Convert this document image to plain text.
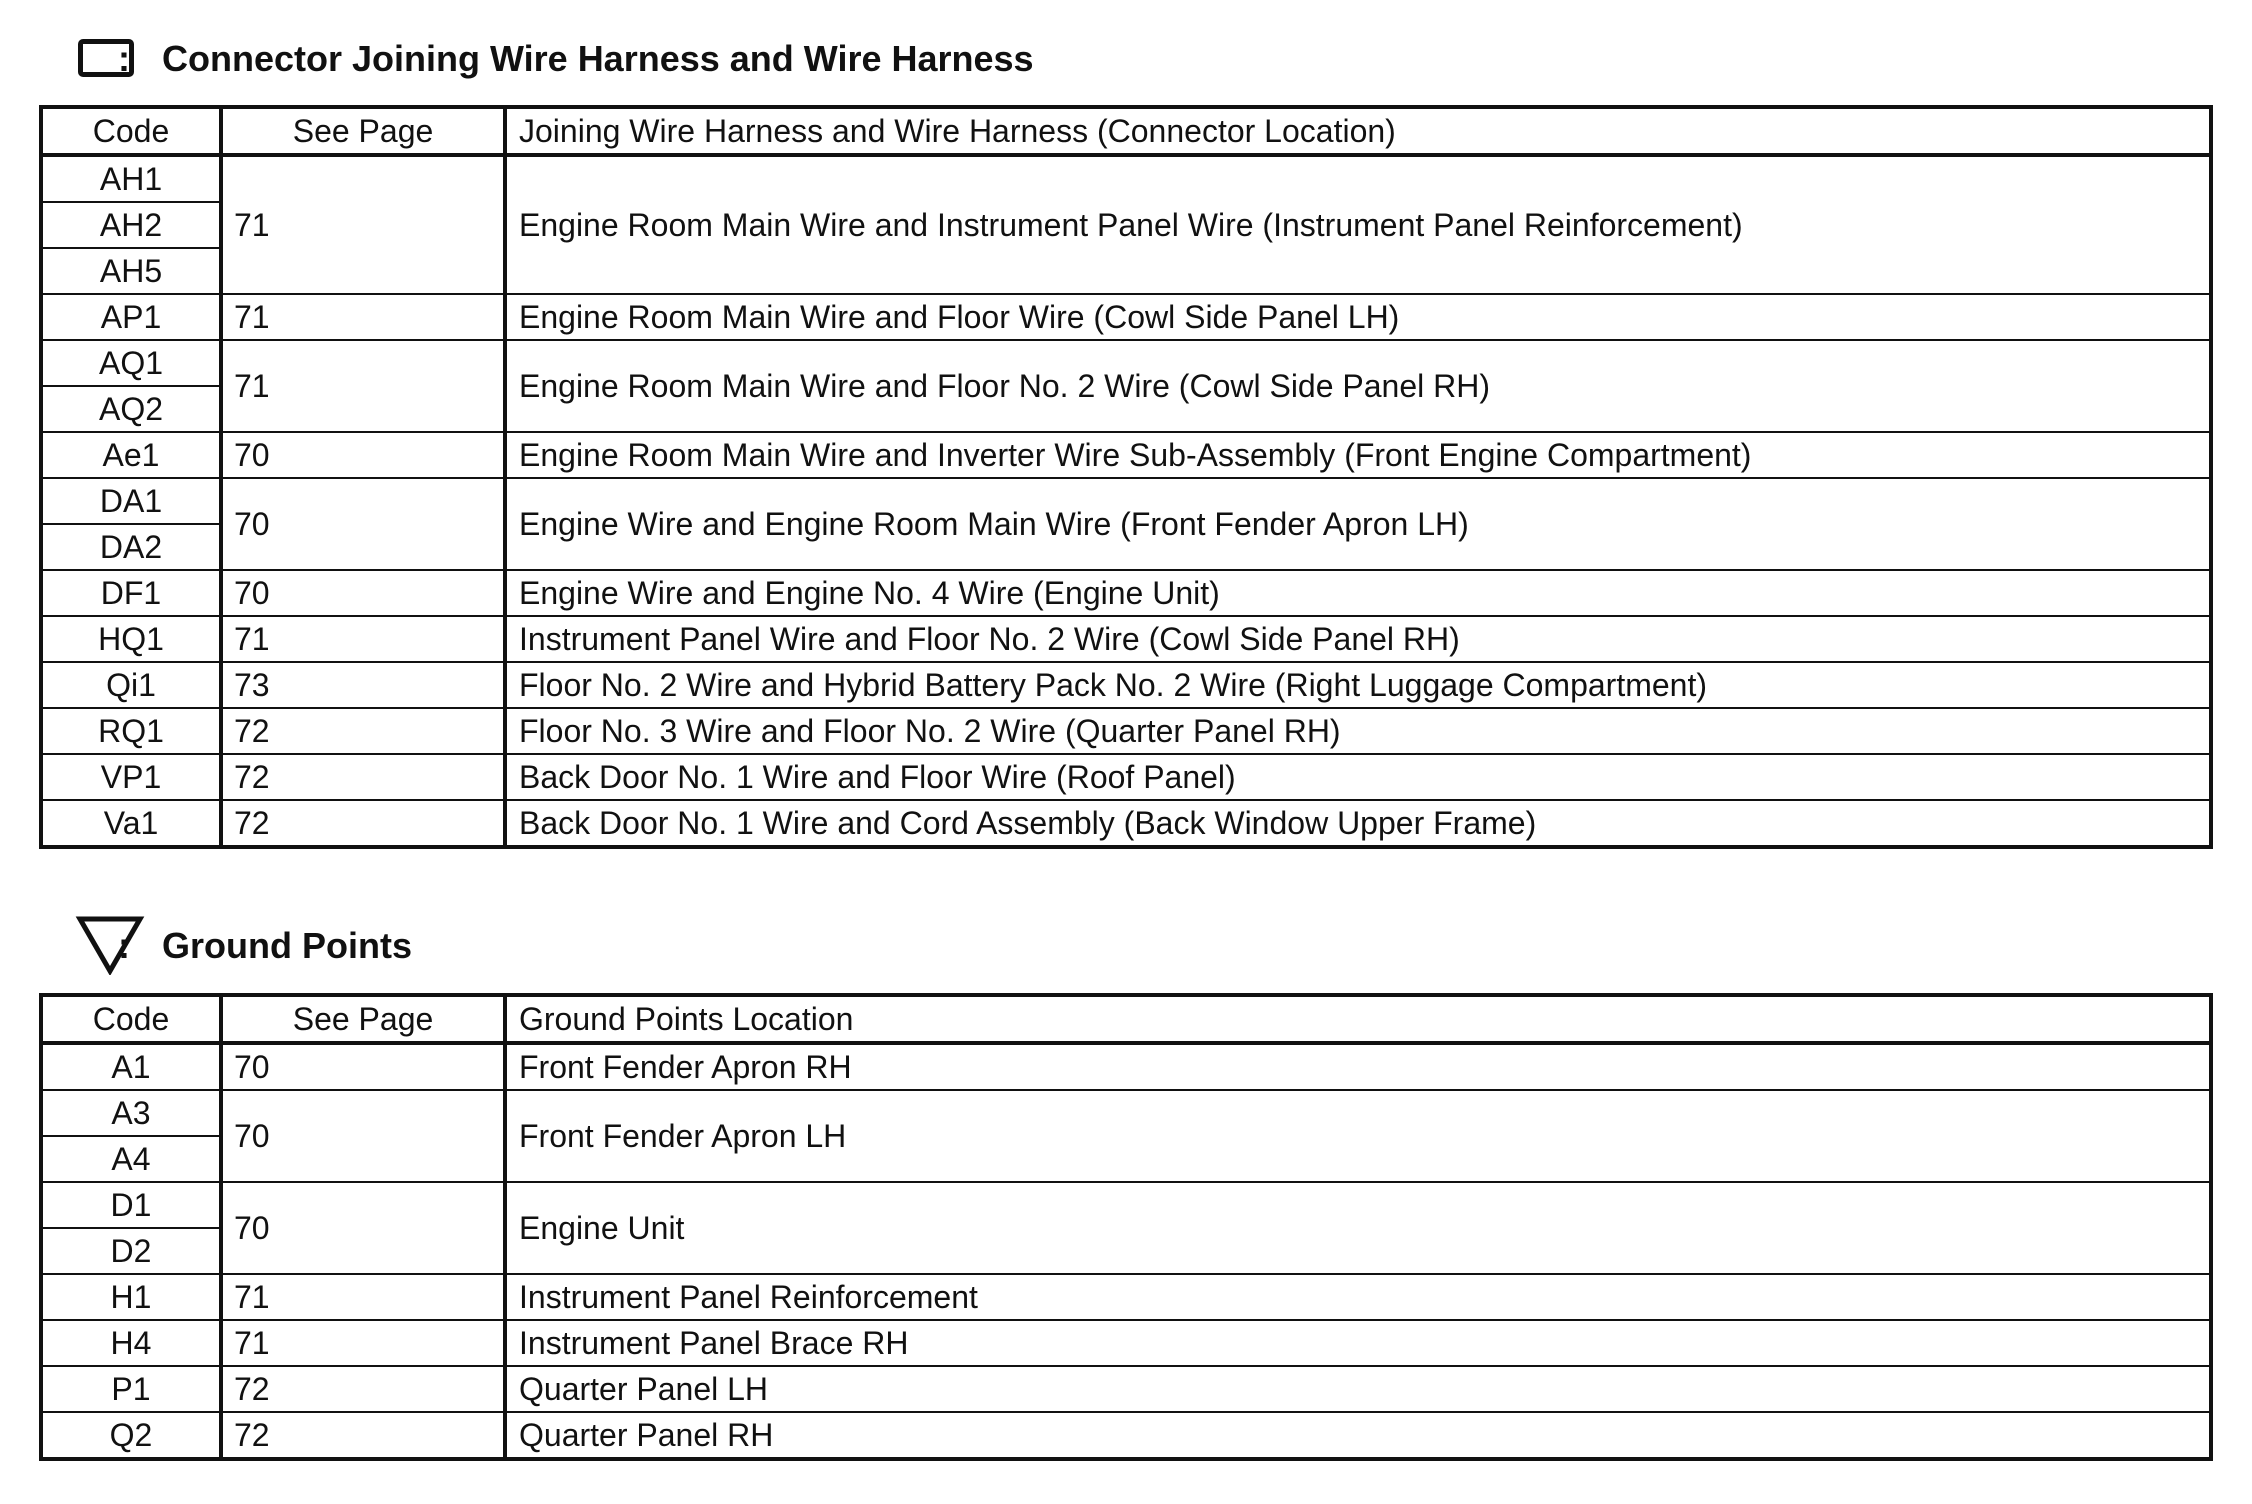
: Connector Joining Wire Harness and Wire Harness
Code	See Page	Joining Wire Harness and Wire Harness (Connector Location)
AH1	71	Engine Room Main Wire and Instrument Panel Wire (Instrument Panel Reinforcement)
AH2		
AH5		
AP1	71	Engine Room Main Wire and Floor Wire (Cowl Side Panel LH)
AQ1	71	Engine Room Main Wire and Floor No. 2 Wire (Cowl Side Panel RH)
AQ2		
Ae1	70	Engine Room Main Wire and Inverter Wire Sub-Assembly (Front Engine Compartment)
DA1	70	Engine Wire and Engine Room Main Wire (Front Fender Apron LH)
DA2		
DF1	70	Engine Wire and Engine No. 4 Wire (Engine Unit)
HQ1	71	Instrument Panel Wire and Floor No. 2 Wire (Cowl Side Panel RH)
Qi1	73	Floor No. 2 Wire and Hybrid Battery Pack No. 2 Wire (Right Luggage Compartment)
RQ1	72	Floor No. 3 Wire and Floor No. 2 Wire (Quarter Panel RH)
VP1	72	Back Door No. 1 Wire and Floor Wire (Roof Panel)
Va1	72	Back Door No. 1 Wire and Cord Assembly (Back Window Upper Frame)
: Ground Points
Code	See Page	Ground Points Location
A1	70	Front Fender Apron RH
A3	70	Front Fender Apron LH
A4		
D1	70	Engine Unit
D2		
H1	71	Instrument Panel Reinforcement
H4	71	Instrument Panel Brace RH
P1	72	Quarter Panel LH
Q2	72	Quarter Panel RH
